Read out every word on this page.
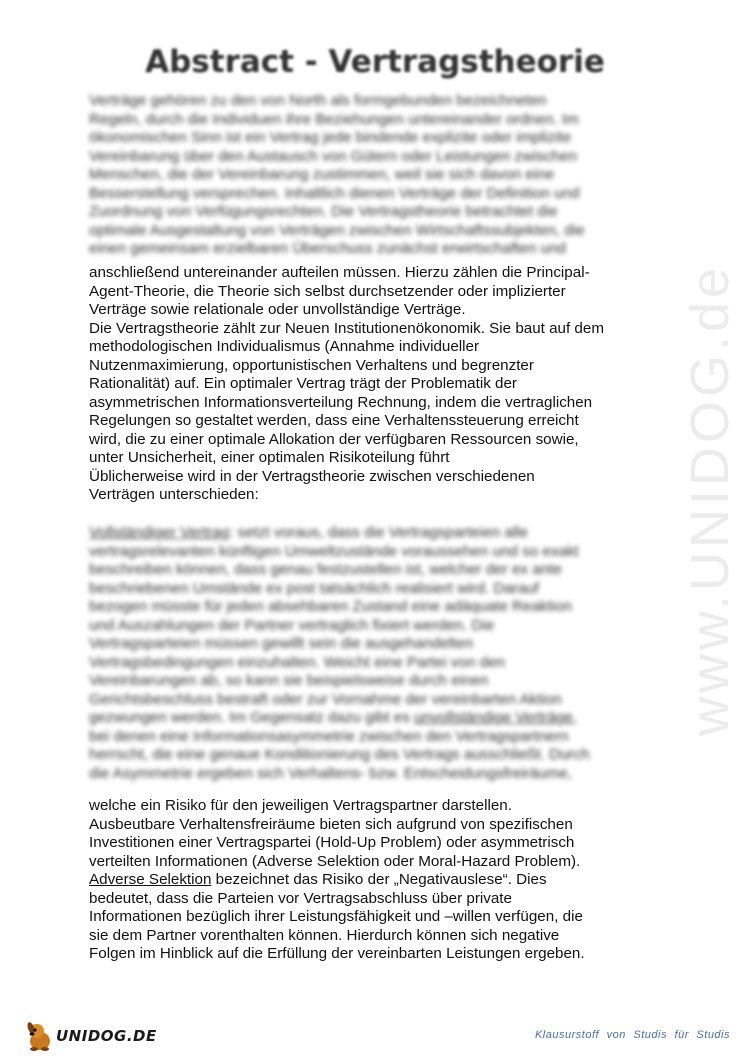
www.UNIDOG.de
Abstract - Vertragstheorie
Verträge gehören zu den von North als formgebunden bezeichneten
Regeln, durch die Individuen ihre Beziehungen untereinander ordnen. Im
ökonomischen Sinn ist ein Vertrag jede bindende explizite oder implizite
Vereinbarung über den Austausch von Gütern oder Leistungen zwischen
Menschen, die der Vereinbarung zustimmen, weil sie sich davon eine
Besserstellung versprechen. Inhaltlich dienen Verträge der Definition und
Zuordnung von Verfügungsrechten. Die Vertragstheorie betrachtet die
optimale Ausgestaltung von Verträgen zwischen Wirtschaftssubjekten, die
einen gemeinsam erzielbaren Überschuss zunächst erwirtschaften und
anschließend untereinander aufteilen müssen. Hierzu zählen die Principal-
Agent-Theorie, die Theorie sich selbst durchsetzender oder implizierter
Verträge sowie relationale oder unvollständige Verträge.
Die Vertragstheorie zählt zur Neuen Institutionenökonomik. Sie baut auf dem
methodologischen Individualismus (Annahme individueller
Nutzenmaximierung, opportunistischen Verhaltens und begrenzter
Rationalität) auf. Ein optimaler Vertrag trägt der Problematik der
asymmetrischen Informationsverteilung Rechnung, indem die vertraglichen
Regelungen so gestaltet werden, dass eine Verhaltenssteuerung erreicht
wird, die zu einer optimale Allokation der verfügbaren Ressourcen sowie,
unter Unsicherheit, einer optimalen Risikoteilung führt
Üblicherweise wird in der Vertragstheorie zwischen verschiedenen
Verträgen unterschieden:
Vollständiger Vertrag: setzt voraus, dass die Vertragsparteien alle
vertragsrelevanten künftigen Umweltzustände voraussehen und so exakt
beschreiben können, dass genau festzustellen ist, welcher der ex ante
beschriebenen Umstände ex post tatsächlich realisiert wird. Darauf
bezogen müsste für jeden absehbaren Zustand eine adäquate Reaktion
und Auszahlungen der Partner vertraglich fixiert werden. Die
Vertragsparteien müssen gewillt sein die ausgehandelten
Vertragsbedingungen einzuhalten. Weicht eine Partei von den
Vereinbarungen ab, so kann sie beispielsweise durch einen
Gerichtsbeschluss bestraft oder zur Vornahme der vereinbarten Aktion
gezwungen werden. Im Gegensatz dazu gibt es unvollständige Verträge,
bei denen eine Informationsasymmetrie zwischen den Vertragspartnern
herrscht, die eine genaue Konditionierung des Vertrags ausschließt. Durch
die Asymmetrie ergeben sich Verhaltens- bzw. Entscheidungsfreiräume,
welche ein Risiko für den jeweiligen Vertragspartner darstellen.
Ausbeutbare Verhaltensfreiräume bieten sich aufgrund von spezifischen
Investitionen einer Vertragspartei (Hold-Up Problem) oder asymmetrisch
verteilten Informationen (Adverse Selektion oder Moral-Hazard Problem).
Adverse Selektion bezeichnet das Risiko der „Negativauslese“. Dies
bedeutet, dass die Parteien vor Vertragsabschluss über private
Informationen bezüglich ihrer Leistungsfähigkeit und –willen verfügen, die
sie dem Partner vorenthalten können. Hierdurch können sich negative
Folgen im Hinblick auf die Erfüllung der vereinbarten Leistungen ergeben.
UNIDOG.DE	Klausurstoff von Studis für Studis
